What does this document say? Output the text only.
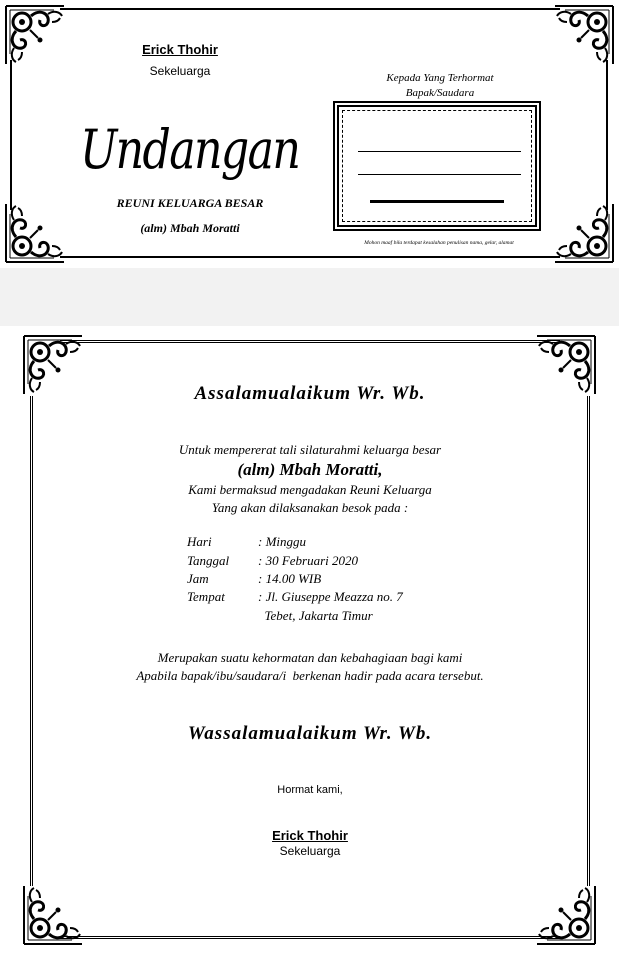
Erick Thohir
Sekeluarga
Undangan
REUNI KELUARGA BESAR
(alm) Mbah Moratti
Kepada Yang Terhormat
Bapak/Saudara
Mohon maaf bila terdapat kesalahan penulisan nama, gelar, alamat
Assalamualaikum Wr. Wb.
Untuk mempererat tali silaturahmi keluarga besar
(alm) Mbah Moratti,
Kami bermaksud mengadakan Reuni Keluarga
Yang akan dilaksanakan besok pada :
Hari	: Minggu
Tanggal	: 30 Februari 2020
Jam	: 14.00 WIB
Tempat	: Jl. Giuseppe Meazza no. 7
Tebet, Jakarta Timur
Merupakan suatu kehormatan dan kebahagiaan bagi kami
Apabila bapak/ibu/saudara/i  berkenan hadir pada acara tersebut.
Wassalamualaikum Wr. Wb.
Hormat kami,
Erick Thohir
Sekeluarga
